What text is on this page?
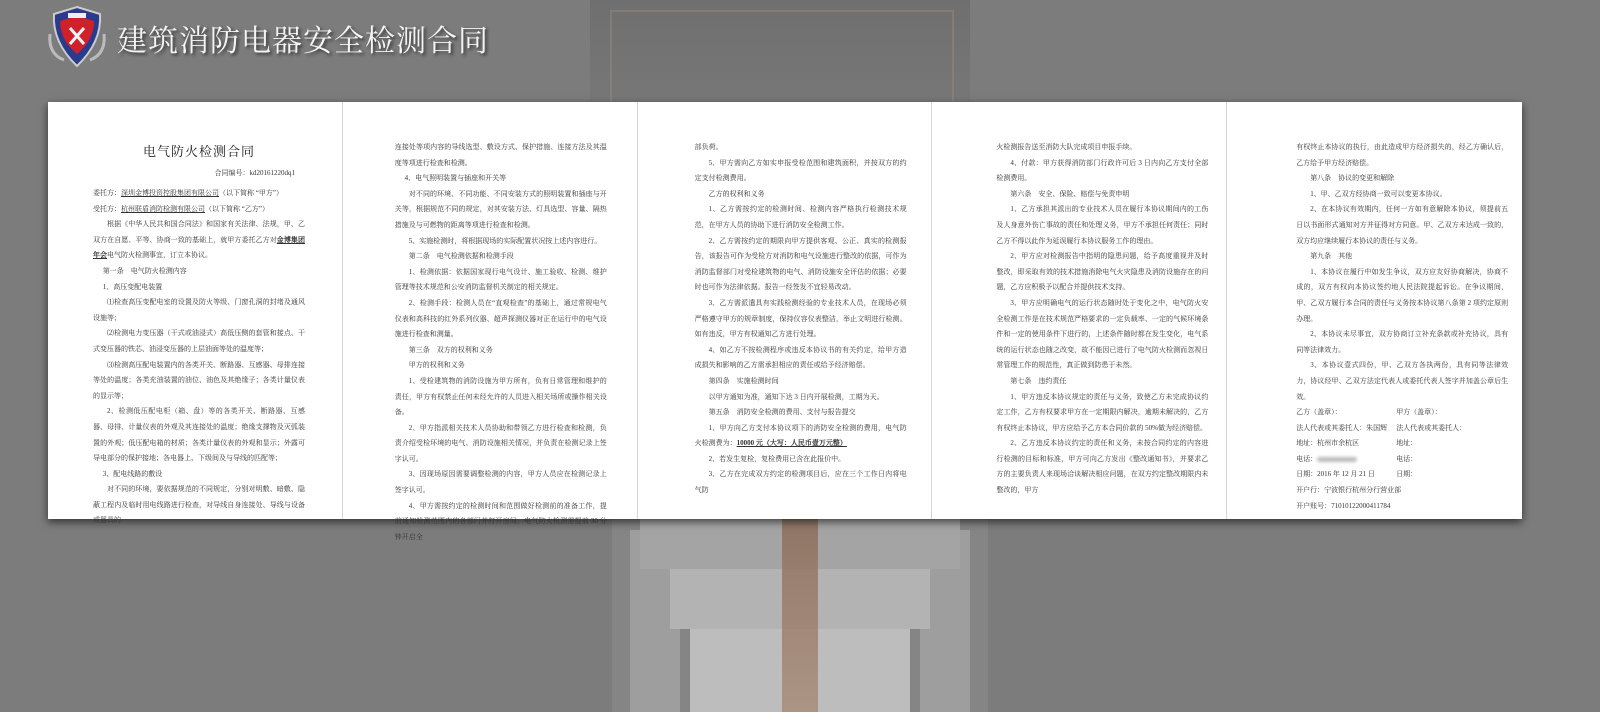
建筑消防电器安全检测合同
电气防火检测合同
合同编号：kd20161220dq1

委托方：深圳金博投资控股集团有限公司（以下简称 “甲方”）

受托方：杭州联盾消防检测有限公司（以下简称 “乙方”）

根据《中华人民共和国合同法》和国家有关法律、法规，甲、乙双方在自愿、平等、协商一致的基础上，就甲方委托乙方对金博集团年会电气防火检测事宜，订立本协议。

第一条　电气防火检测内容

1、高压变配电装置

⑴检查高压变配电室的设置及防火等级、门窗孔洞的封堵及通风设施等；

⑵检测电力变压器（干式或油浸式）高低压侧的套管和接点、干式变压器的铁芯、油浸变压器的上层油面等处的温度等；

⑶检测高压配电装置内的各类开关、断路器、互感器、母排连接等处的温度；各类充油装置的油位、油色及其绝缘子；各类计量仪表的显示等；

2、检测低压配电柜（箱、盘）等的各类开关、断路器、互感器、母排、计量仪表的外观及其连接处的温度；绝缘支撑物及灭弧装置的外观；低压配电箱的材质；各类计量仪表的外观和显示；外露可导电部分的保护接地；各电器上、下级间及与导线的匹配等；

3、配电线路的敷设

对不同的环境，要依据规范的不同规定，分别对明敷、暗敷、隐蔽工程内及临时用电线路进行检查，对导线自身连接处、导线与设备或器具的

连接处等项内容的导线选型、敷设方式、保护措施、连接方法及其温度等项进行检查和检测。

4、电气照明装置与插座和开关等

对不同的环境、不同功能、不同安装方式的照明装置和插座与开关等，根据规范不同的规定，对其安装方法、灯具选型、容量、隔热措施及与可燃物的距离等项进行检查和检测。

5、实施检测时，将根据现场的实际配置状况按上述内容进行。

第二条　电气检测依据和检测手段

1、检测依据：依据国家现行电气设计、施工验收、检测、维护管理等技术规范和公安消防监督机关制定的相关规定。

2、检测手段：检测人员在“直观检查”的基础上，通过常规电气仪表和高科技的红外系列仪器、超声探测仪器对正在运行中的电气设施进行检查和测量。

第三条　双方的权利和义务

甲方的权利和义务

1、受检建筑物的消防设施为甲方所有，负有日常管理和维护的责任，甲方有权禁止任何未经允许的人员进入相关场所或操作相关设备。

2、甲方指派相关技术人员协助和带领乙方进行检查和检测，负责介绍受检环境的电气、消防设施相关情况，并负责在检测记录上签字认可。

3、因现场原因需要调整检测的内容，甲方人员应在检测记录上签字认可。

4、甲方需按约定的检测时间和范围做好检测前的准备工作，提前通知检测范围内的各部门并打开房间，电气防火检测需提前 30 分钟开启全

部负荷。

5、甲方需向乙方如实申报受检范围和建筑面积，并按双方的约定支付检测费用。

乙方的权利和义务

1、乙方需按约定的检测时间、检测内容严格执行检测技术规范，在甲方人员的协助下进行消防安全检测工作。

2、乙方需按约定的期限向甲方提供客观、公正、真实的检测报告，该报告可作为受检方对消防和电气设施进行整改的依据，可作为消防监督部门对受检建筑物的电气、消防设施安全评估的依据；必要时也可作为法律依据。报告一经签发不宜轻易改动。

3、乙方需派遣具有实践检测经验的专业技术人员，在现场必须严格遵守甲方的规章制度，保持仪容仪表整洁，举止文明进行检测。如有违反，甲方有权通知乙方进行处理。

4、如乙方不按检测程序或违反本协议书的有关约定，给甲方造成损失和影响的乙方需承担相应的责任或给予经济赔偿。

第四条　实施检测时间

以甲方通知为准，通知下达 3 日内开展检测，工期为天。

第五条　消防安全检测的费用、支付与报告提交

1、甲方向乙方支付本协议项下的消防安全检测的费用，电气防火检测费为：10000 元（大写：人民币壹万元整）

2、若发生复检，复检费用已含在此报价中。

3、乙方在完成双方约定的检测项目后，应在三个工作日内将电气防

火检测报告送至消防大队完成项目申报手续。

4、付款：甲方获得消防部门行政许可后 3 日内向乙方支付全部检测费用。

第六条　安全、保险、赔偿与免责申明

1、乙方承担其派出的专业技术人员在履行本协议期间内的工伤及人身意外伤亡事故的责任和处理义务，甲方不承担任何责任；同时乙方不得以此作为延误履行本协议服务工作的理由。

2、甲方应对检测报告中指明的隐患问题，给予高度重视并及时整改，即采取有效的技术措施消除电气火灾隐患及消防设施存在的问题，乙方应积极予以配合并提供技术支持。

3、甲方应明确电气的运行状态随时处于变化之中，电气防火安全检测工作是在技术规范严格要求的一定负载率、一定的气候环境条件和一定的使用条件下进行的，上述条件随时都在发生变化，电气系统的运行状态也随之改变，故不能因已进行了电气防火检测而忽视日常管理工作的规范性，真正做到防患于未然。

第七条　违约责任

1、甲方违反本协议规定的责任与义务，致使乙方未完成协议约定工作，乙方有权要求甲方在一定期限内解决，逾期未解决的，乙方有权终止本协议，甲方应给予乙方本合同价款的 50%做为经济赔偿。

2、乙方违反本协议约定的责任和义务，未按合同约定的内容进行检测的目标和标准，甲方可向乙方发出《整改通知书》，并要求乙方的主要负责人来现场洽谈解决相应问题，在双方约定整改期限内未整改的，甲方

有权终止本协议的执行，由此造成甲方经济损失的，经乙方确认后，乙方给予甲方经济赔偿。

第八条　协议的变更和解除

1、甲、乙双方经协商一致可以变更本协议。

2、在本协议有效期内，任何一方如有意解除本协议，须提前五日以书面形式通知对方并征得对方同意。甲、乙双方未达成一致的，双方均应继续履行本协议的责任与义务。

第九条　其他

1、本协议在履行中如发生争议，双方应友好协商解决，协商不成的，双方有权向本协议签约地人民法院提起诉讼。在争议期间，甲、乙双方履行本合同的责任与义务按本协议第八条第 2 项约定原则办理。

2、本协议未尽事宜，双方协商订立补充条款或补充协议，具有同等法律效力。

3、本协议壹式四份，甲、乙双方各执两份，具有同等法律效力，协议经甲、乙双方法定代表人或委托代表人签字并加盖公章后生效。

乙方（盖章）：	甲方（盖章）：
法人代表或其委托人：朱国辉	法人代表或其委托人：
地址：杭州市余杭区	地址：
电话：	电话：
日期：2016 年 12 月 21 日	日期：
开户行：宁波银行杭州分行营业部
开户账号：71010122000411784
